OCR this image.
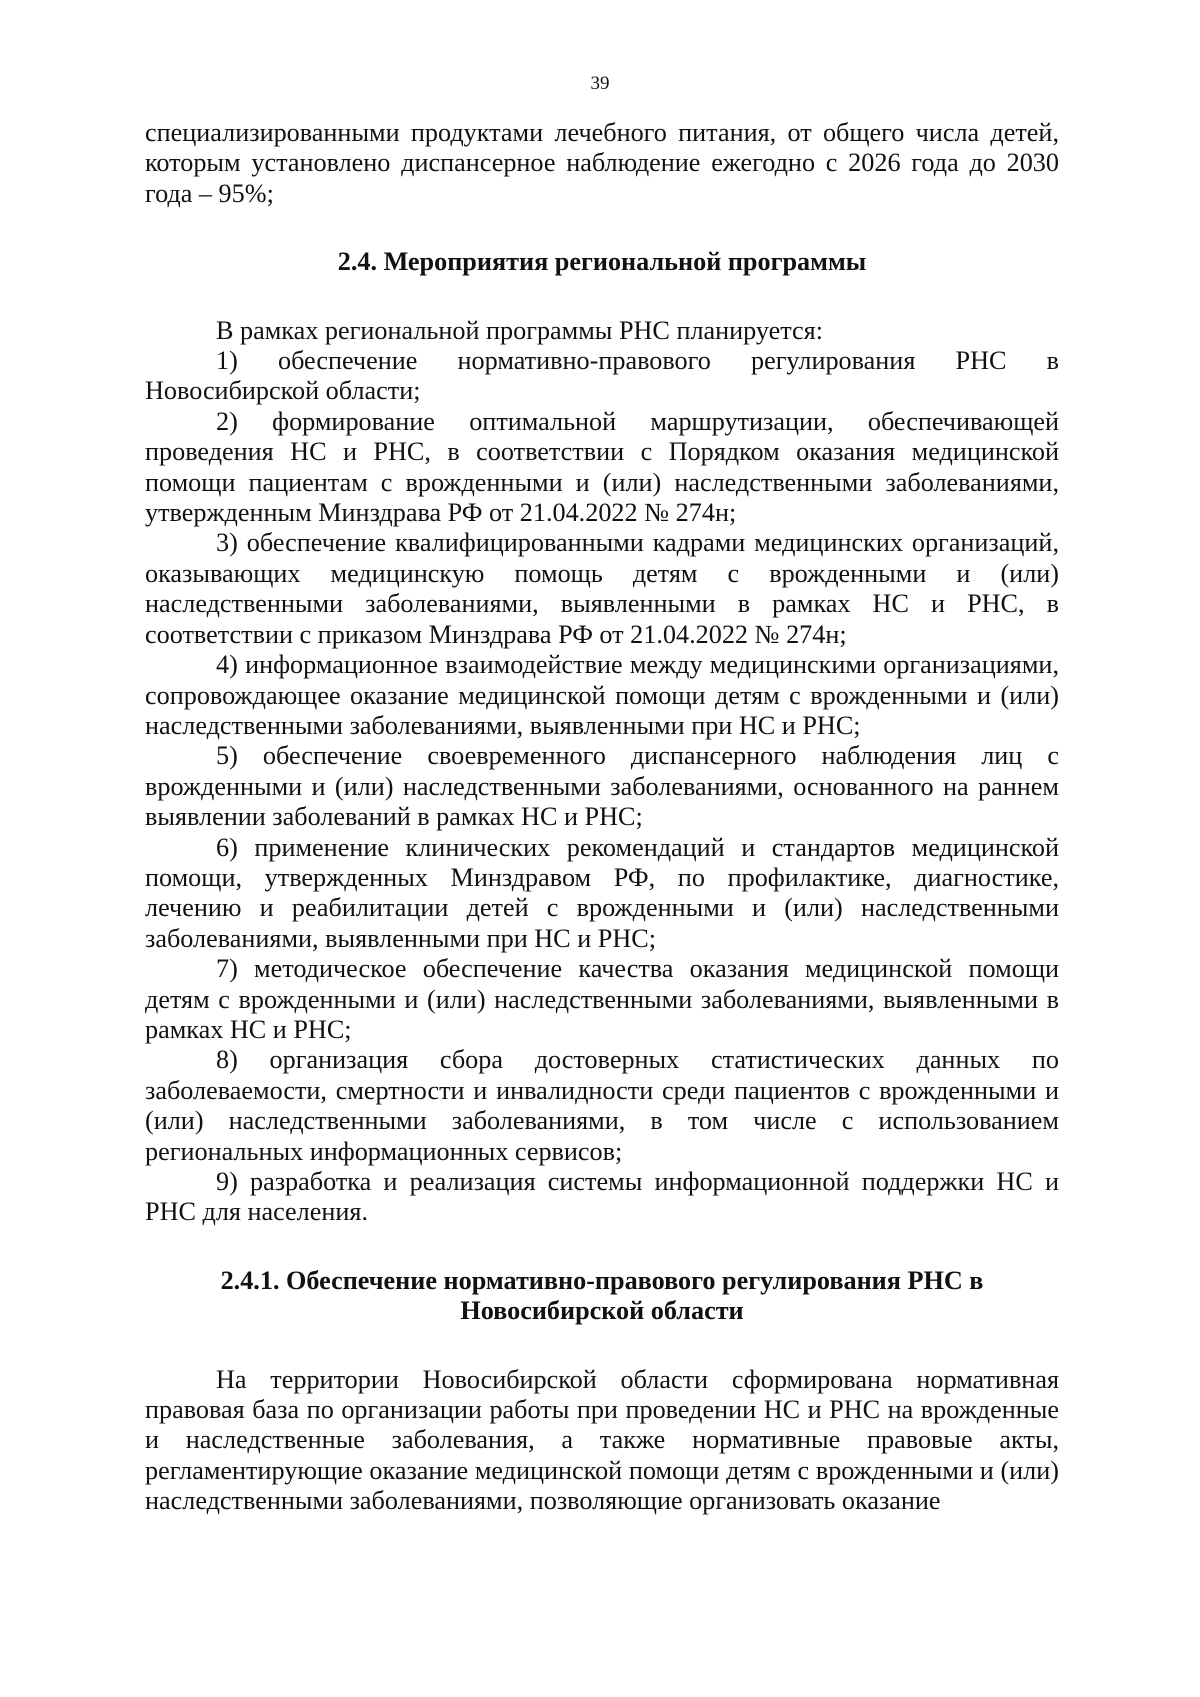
39

специализированными продуктами лечебного питания, от общего числа детей, которым установлено диспансерное наблюдение ежегодно с 2026 года до 2030 года – 95%;

2.4. Мероприятия региональной программы

В рамках региональной программы РНС планируется:

1) обеспечение нормативно-правового регулирования РНС в Новосибирской области;

2) формирование оптимальной маршрутизации, обеспечивающей проведения НС и РНС, в соответствии с Порядком оказания медицинской помощи пациентам с врожденными и (или) наследственными заболеваниями, утвержденным Минздрава РФ от 21.04.2022 № 274н;

3) обеспечение квалифицированными кадрами медицинских организаций, оказывающих медицинскую помощь детям с врожденными и (или) наследственными заболеваниями, выявленными в рамках НС и РНС, в соответствии с приказом Минздрава РФ от 21.04.2022 № 274н;

4) информационное взаимодействие между медицинскими организациями, сопровождающее оказание медицинской помощи детям с врожденными и (или) наследственными заболеваниями, выявленными при НС и РНС;

5) обеспечение своевременного диспансерного наблюдения лиц с врожденными и (или) наследственными заболеваниями, основанного на раннем выявлении заболеваний в рамках НС и РНС;

6) применение клинических рекомендаций и стандартов медицинской помощи, утвержденных Минздравом РФ, по профилактике, диагностике, лечению и реабилитации детей с врожденными и (или) наследственными заболеваниями, выявленными при НС и РНС;

7) методическое обеспечение качества оказания медицинской помощи детям с врожденными и (или) наследственными заболеваниями, выявленными в рамках НС и РНС;

8) организация сбора достоверных статистических данных по заболеваемости, смертности и инвалидности среди пациентов с врожденными и (или) наследственными заболеваниями, в том числе с использованием региональных информационных сервисов;

9) разработка и реализация системы информационной поддержки НС и РНС для населения.

2.4.1. Обеспечение нормативно-правового регулирования РНС в
Новосибирской области

На территории Новосибирской области сформирована нормативная правовая база по организации работы при проведении НС и РНС на врожденные и наследственные заболевания, а также нормативные правовые акты, регламентирующие оказание медицинской помощи детям с врожденными и (или) наследственными заболеваниями, позволяющие организовать оказание
